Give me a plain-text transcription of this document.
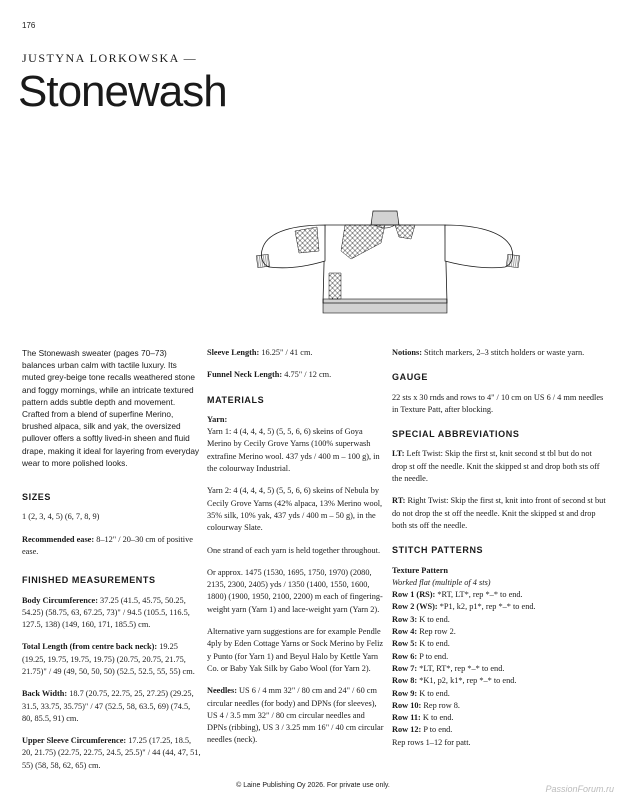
176
JUSTYNA LORKOWSKA —
Stonewash

The Stonewash sweater (pages 70–73) balances urban calm with tactile luxury. Its muted grey-beige tone recalls weathered stone and foggy mornings, while an intricate textured pattern adds subtle depth and movement. Crafted from a blend of superfine Merino, brushed alpaca, silk and yak, the oversized pullover offers a softly lived-in sheen and fluid drape, making it ideal for layering from everyday wear to more polished looks.

SIZES

1 (2, 3, 4, 5) (6, 7, 8, 9)

Recommended ease: 8–12" / 20–30 cm of positive ease.

FINISHED MEASUREMENTS

Body Circumference: 37.25 (41.5, 45.75, 50.25, 54.25) (58.75, 63, 67.25, 73)" / 94.5 (105.5, 116.5, 127.5, 138) (149, 160, 171, 185.5) cm.

Total Length (from centre back neck): 19.25 (19.25, 19.75, 19.75, 19.75) (20.75, 20.75, 21.75, 21.75)" / 49 (49, 50, 50, 50) (52.5, 52.5, 55, 55) cm.

Back Width: 18.7 (20.75, 22.75, 25, 27.25) (29.25, 31.5, 33.75, 35.75)" / 47 (52.5, 58, 63.5, 69) (74.5, 80, 85.5, 91) cm.

Upper Sleeve Circumference: 17.25 (17.25, 18.5, 20, 21.75) (22.75, 22.75, 24.5, 25.5)" / 44 (44, 47, 51, 55) (58, 58, 62, 65) cm.

Sleeve Length: 16.25" / 41 cm.

Funnel Neck Length: 4.75" / 12 cm.

MATERIALS
Yarn:

Yarn 1: 4 (4, 4, 4, 5) (5, 5, 6, 6) skeins of Goya Merino by Cecily Grove Yarns (100% superwash extrafine Merino wool. 437 yds / 400 m – 100 g), in the colourway Industrial.

Yarn 2: 4 (4, 4, 4, 5) (5, 5, 6, 6) skeins of Nebula by Cecily Grove Yarns (42% alpaca, 13% Merino wool, 35% silk, 10% yak, 437 yds / 400 m – 50 g), in the colourway Slate.

One strand of each yarn is held together throughout.

Or approx. 1475 (1530, 1695, 1750, 1970) (2080, 2135, 2300, 2405) yds / 1350 (1400, 1550, 1600, 1800) (1900, 1950, 2100, 2200) m each of fingering-weight yarn (Yarn 1) and lace-weight yarn (Yarn 2).

Alternative yarn suggestions are for example Pendle 4ply by Eden Cottage Yarns or Sock Merino by Feliz y Punto (for Yarn 1) and Beyul Halo by Kettle Yarn Co. or Baby Yak Silk by Gabo Wool (for Yarn 2).

Needles: US 6 / 4 mm 32" / 80 cm and 24" / 60 cm circular needles (for body) and DPNs (for sleeves), US 4 / 3.5 mm 32" / 80 cm circular needles and DPNs (ribbing), US 3 / 3.25 mm 16" / 40 cm circular needles (neck).

Notions: Stitch markers, 2–3 stitch holders or waste yarn.

GAUGE

22 sts x 30 rnds and rows to 4" / 10 cm on US 6 / 4 mm needles in Texture Patt, after blocking.

SPECIAL ABBREVIATIONS

LT: Left Twist: Skip the first st, knit second st tbl but do not drop st off the needle. Knit the skipped st and drop both sts off the needle.

RT: Right Twist: Skip the first st, knit into front of second st but do not drop the st off the needle. Knit the skipped st and drop both sts off the needle.

STITCH PATTERNS
Texture Pattern
Worked flat (multiple of 4 sts)
Row 1 (RS): *RT, LT*, rep *–* to end.
Row 2 (WS): *P1, k2, p1*, rep *–* to end.
Row 3: K to end.
Row 4: Rep row 2.
Row 5: K to end.
Row 6: P to end.
Row 7: *LT, RT*, rep *–* to end.
Row 8: *K1, p2, k1*, rep *–* to end.
Row 9: K to end.
Row 10: Rep row 8.
Row 11: K to end.
Row 12: P to end.
Rep rows 1–12 for patt.
© Laine Publishing Oy 2026. For private use only.	PassionForum.ru
